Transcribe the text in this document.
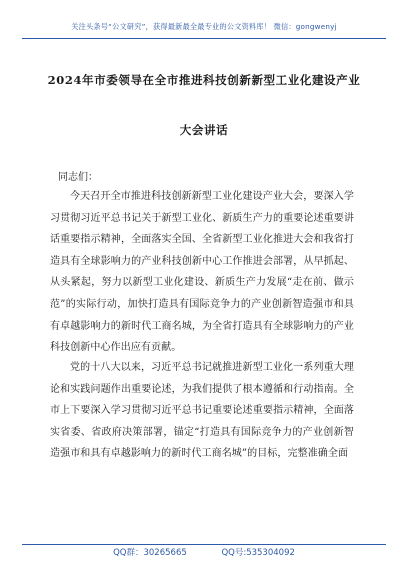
关注头条号“公文研究”，获得最新最全最专业的公文资料库！ 微信：gongwenyj
2024年市委领导在全市推进科技创新新型工业化建设产业
大会讲话
同志们：
今天召开全市推进科技创新新型工业化建设产业大会，要深入学习贯彻习近平总书记关于新型工业化、新质生产力的重要论述重要讲话重要指示精神，全面落实全国、全省新型工业化推进大会和我省打造具有全球影响力的产业科技创新中心工作推进会部署，从早抓起、从头紧起，努力以新型工业化建设、新质生产力发展“走在前、做示范”的实际行动，加快打造具有国际竞争力的产业创新智造强市和具有卓越影响力的新时代工商名城，为全省打造具有全球影响力的产业科技创新中心作出应有贡献。
党的十八大以来，习近平总书记就推进新型工业化一系列重大理论和实践问题作出重要论述，为我们提供了根本遵循和行动指南。全市上下要深入学习贯彻习近平总书记重要论述重要指示精神，全面落实省委、省政府决策部署，锚定“打造具有国际竞争力的产业创新智造强市和具有卓越影响力的新时代工商名城”的目标，完整准确全面
QQ群：30265665	QQ号:535304092
